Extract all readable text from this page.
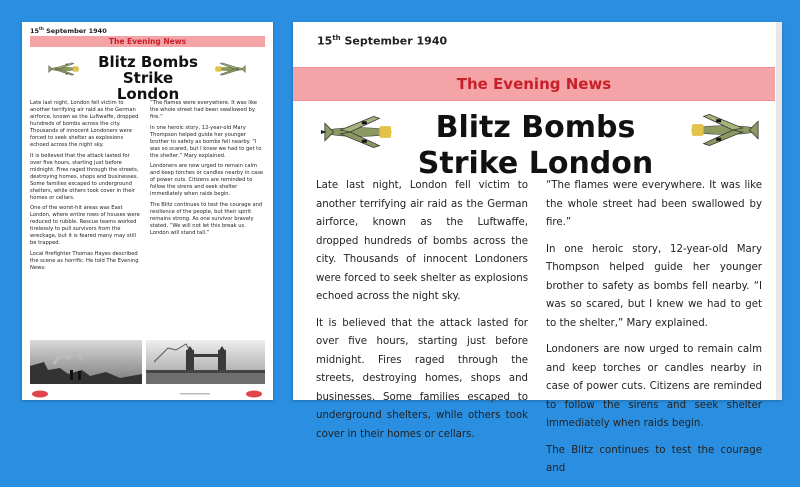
15th September 1940
The Evening News
Blitz Bombs
Strike London

Late last night, London fell victim to another terrifying air raid as the German airforce, known as the Luftwaffe, dropped hundreds of bombs across the city. Thousands of innocent Londoners were forced to seek shelter as explosions echoed across the night sky.

It is believed that the attack lasted for over five hours, starting just before midnight. Fires raged through the streets, destroying homes, shops and businesses. Some families escaped to underground shelters, while others took cover in their homes or cellars.

One of the worst-hit areas was East London, where entire rows of houses were reduced to rubble. Rescue teams worked tirelessly to pull survivors from the wreckage, but it is feared many may still be trapped.

Local firefighter Thomas Hayes described the scene as horrific. He told The Evening News:

“The flames were everywhere. It was like the whole street had been swallowed by fire.”

In one heroic story, 12-year-old Mary Thompson helped guide her younger brother to safety as bombs fell nearby. “I was so scared, but I knew we had to get to the shelter,” Mary explained.

Londoners are now urged to remain calm and keep torches or candles nearby in case of power cuts. Citizens are reminded to follow the sirens and seek shelter immediately when raids begin.

The Blitz continues to test the courage and resilience of the people, but their spirit remains strong. As one survivor bravely stated, “We will not let this break us. London will stand tall.”

15th September 1940
The Evening News
Blitz Bombs
Strike London

Late last night, London fell victim to another terrifying air raid as the German airforce, known as the Luftwaffe, dropped hundreds of bombs across the city. Thousands of innocent Londoners were forced to seek shelter as explosions echoed across the night sky.

It is believed that the attack lasted for over five hours, starting just before midnight. Fires raged through the streets, destroying homes, shops and businesses. Some families escaped to underground shelters, while others took cover in their homes or cellars.

“The flames were everywhere. It was like the whole street had been swallowed by fire.”

In one heroic story, 12-year-old Mary Thompson helped guide her younger brother to safety as bombs fell nearby. “I was so scared, but I knew we had to get to the shelter,” Mary explained.

Londoners are now urged to remain calm and keep torches or candles nearby in case of power cuts. Citizens are reminded to follow the sirens and seek shelter immediately when raids begin.

The Blitz continues to test the courage and
